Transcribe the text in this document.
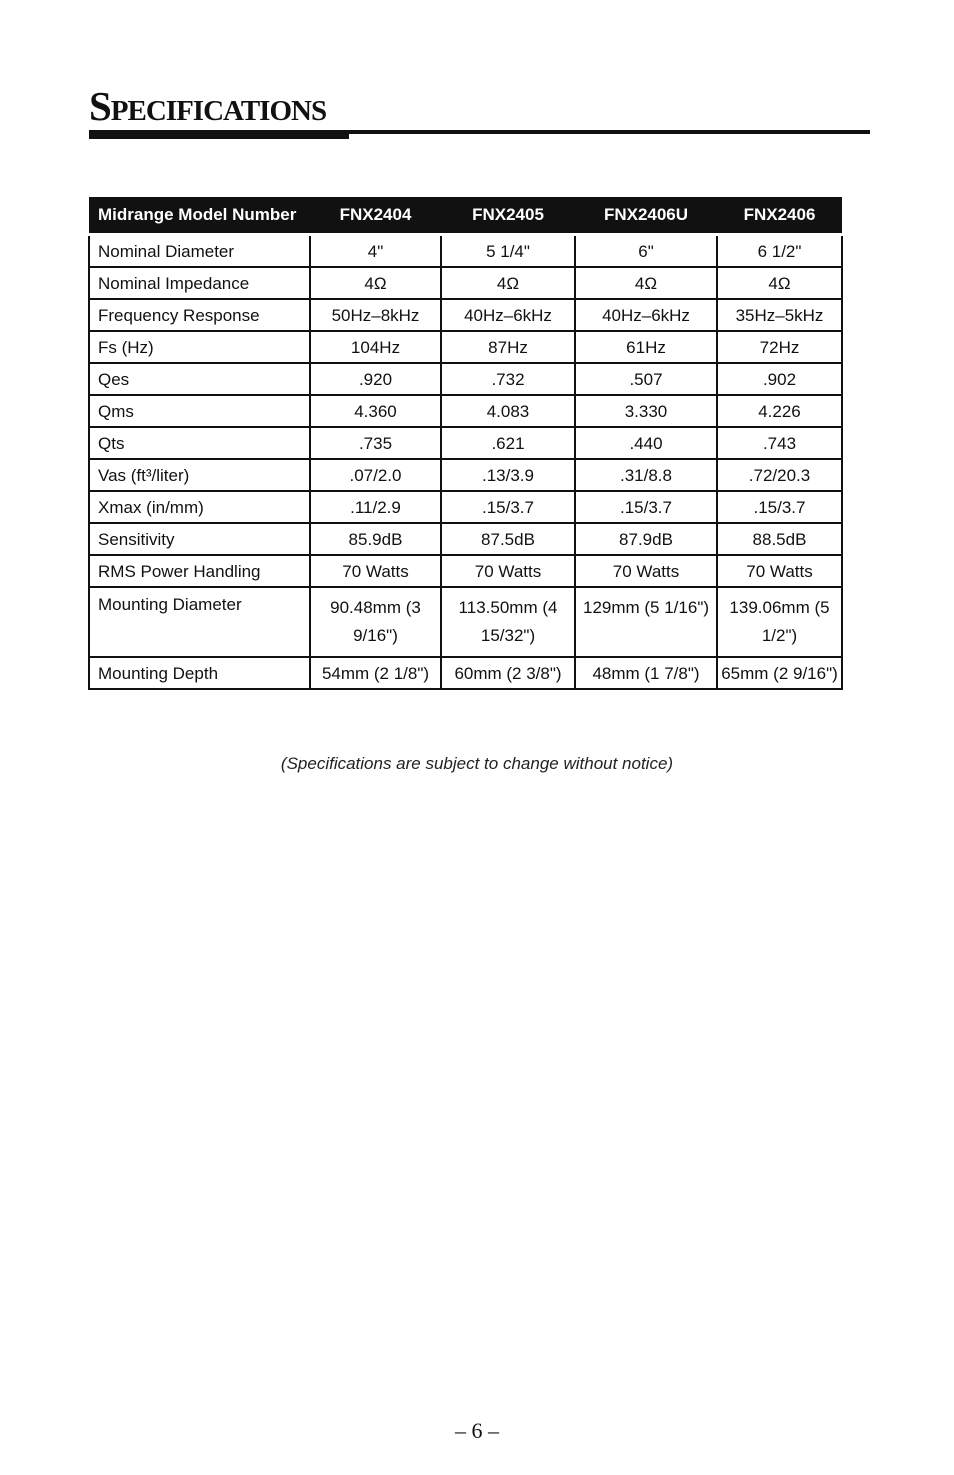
Specifications
Midrange Model Number	FNX2404	FNX2405	FNX2406U	FNX2406
Nominal Diameter	4"	5 1/4"	6"	6 1/2"
Nominal Impedance	4Ω	4Ω	4Ω	4Ω
Frequency Response	50Hz–8kHz	40Hz–6kHz	40Hz–6kHz	35Hz–5kHz
Fs (Hz)	104Hz	87Hz	61Hz	72Hz
Qes	.920	.732	.507	.902
Qms	4.360	4.083	3.330	4.226
Qts	.735	.621	.440	.743
Vas (ft³/liter)	.07/2.0	.13/3.9	.31/8.8	.72/20.3
Xmax (in/mm)	.11/2.9	.15/3.7	.15/3.7	.15/3.7
Sensitivity	85.9dB	87.5dB	87.9dB	88.5dB
RMS Power Handling	70 Watts	70 Watts	70 Watts	70 Watts
Mounting Diameter	90.48mm (3 9/16")	113.50mm (4 15/32")	129mm (5 1/16")	139.06mm (5 1/2")
Mounting Depth	54mm (2 1/8")	60mm (2 3/8")	48mm (1 7/8")	65mm (2 9/16")
(Specifications are subject to change without notice)
– 6 –
